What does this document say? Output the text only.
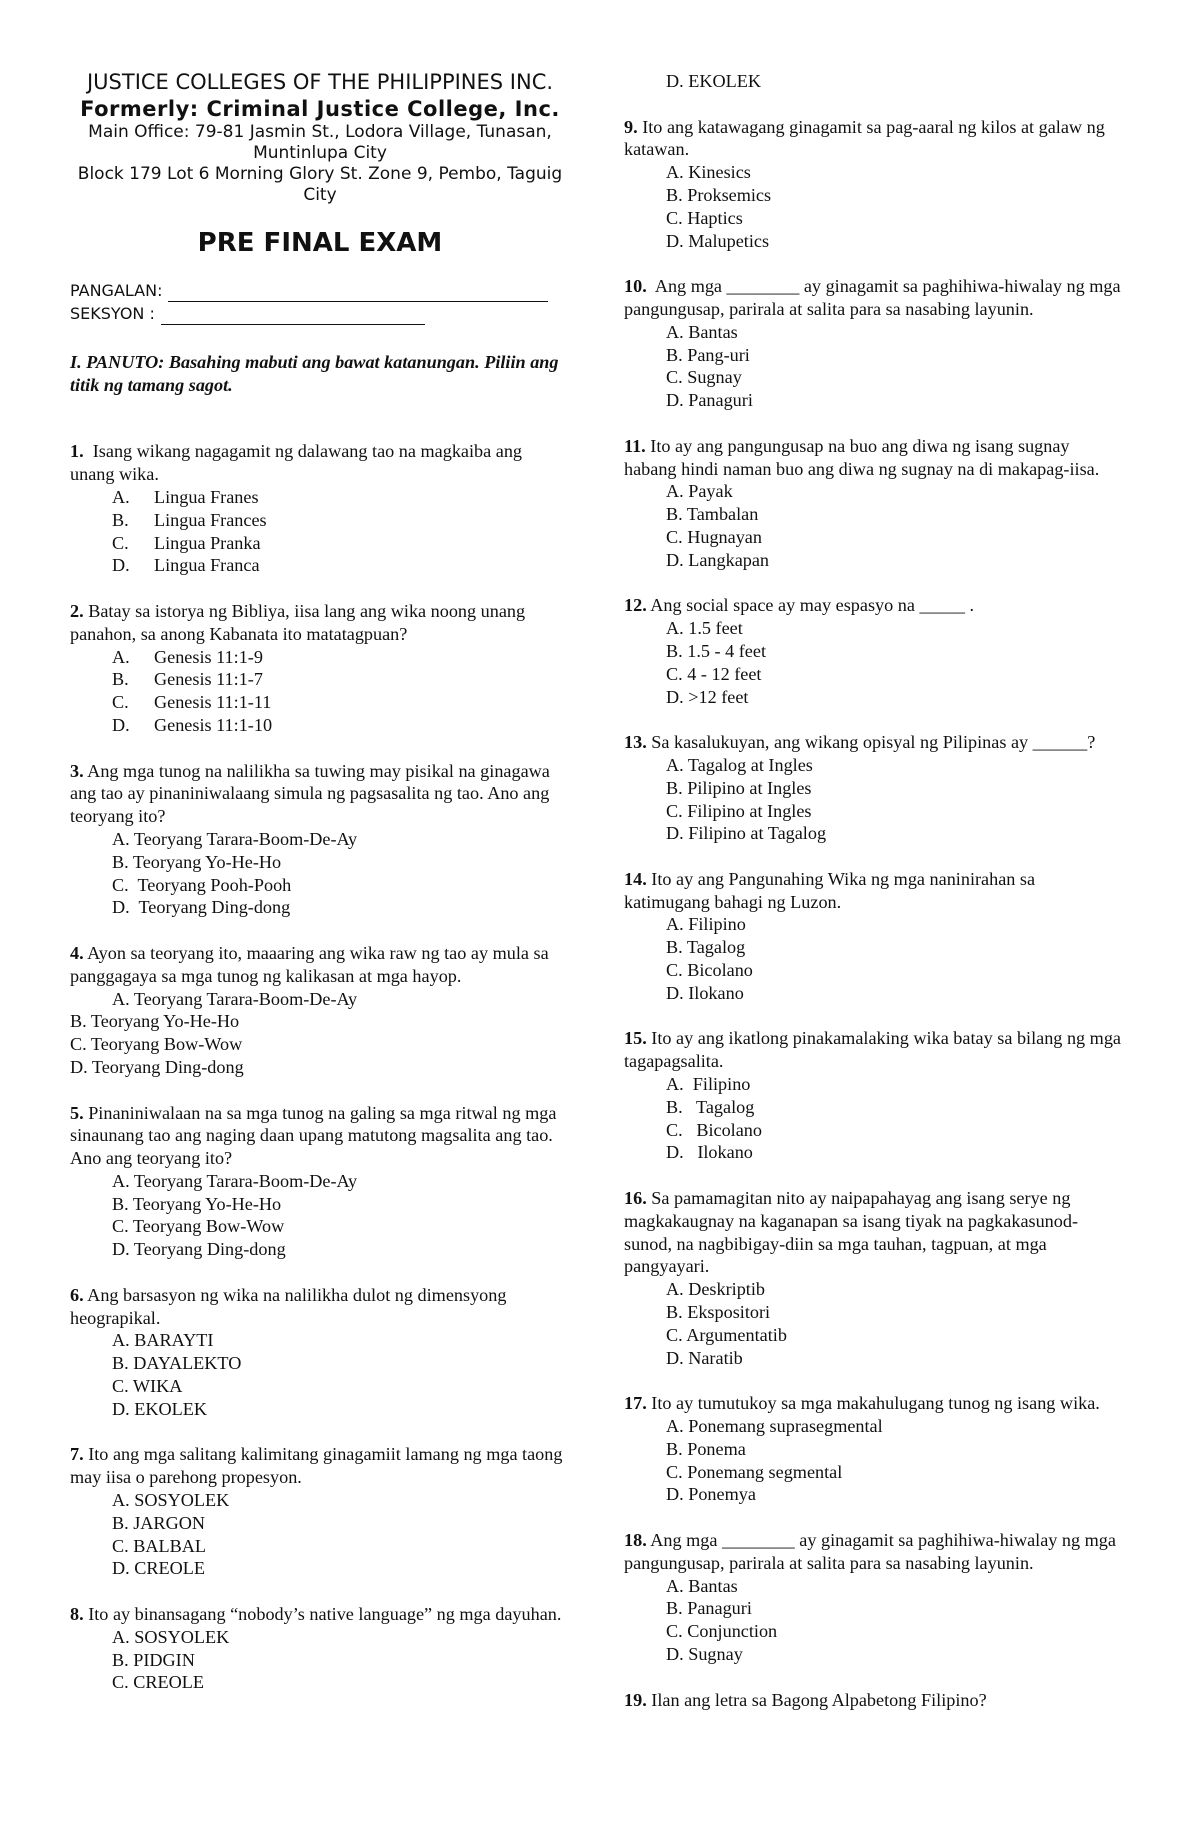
JUSTICE COLLEGES OF THE PHILIPPINES INC.
Formerly: Criminal Justice College, Inc.
Main Office: 79-81 Jasmin St., Lodora Village, Tunasan, Muntinlupa City
Block 179 Lot 6 Morning Glory St. Zone 9, Pembo, Taguig City
PRE FINAL EXAM
PANGALAN:
SEKSYON :
I. PANUTO: Basahing mabuti ang bawat katanungan. Piliin ang titik ng tamang sagot.
1.  Isang wikang nagagamit ng dalawang tao na magkaiba ang unang wika.
A. Lingua Franes
B. Lingua Frances
C. Lingua Pranka
D. Lingua Franca
2. Batay sa istorya ng Bibliya, iisa lang ang wika noong unang panahon, sa anong Kabanata ito matatagpuan?
A. Genesis 11:1-9
B. Genesis 11:1-7
C. Genesis 11:1-11
D. Genesis 11:1-10
3. Ang mga tunog na nalilikha sa tuwing may pisikal na ginagawa ang tao ay pinaniniwalaang simula ng pagsasalita ng tao. Ano ang teoryang ito?
A. Teoryang Tarara-Boom-De-Ay
B. Teoryang Yo-He-Ho
C.  Teoryang Pooh-Pooh
D.  Teoryang Ding-dong
4. Ayon sa teoryang ito, maaaring ang wika raw ng tao ay mula sa panggagaya sa mga tunog ng kalikasan at mga hayop.
A. Teoryang Tarara-Boom-De-Ay
B. Teoryang Yo-He-Ho
C. Teoryang Bow-Wow
D. Teoryang Ding-dong
5. Pinaniniwalaan na sa mga tunog na galing sa mga ritwal ng mga sinaunang tao ang naging daan upang matutong magsalita ang tao. Ano ang teoryang ito?
A. Teoryang Tarara-Boom-De-Ay
B. Teoryang Yo-He-Ho
C. Teoryang Bow-Wow
D. Teoryang Ding-dong
6. Ang barsasyon ng wika na nalilikha dulot ng dimensyong heograpikal.
A. BARAYTI
B. DAYALEKTO
C. WIKA
D. EKOLEK
7. Ito ang mga salitang kalimitang ginagamiit lamang ng mga taong may iisa o parehong propesyon.
A. SOSYOLEK
B. JARGON
C. BALBAL
D. CREOLE
8. Ito ay binansagang “nobody’s native language” ng mga dayuhan.
A. SOSYOLEK
B. PIDGIN
C. CREOLE
D. EKOLEK
9. Ito ang katawagang ginagamit sa pag-aaral ng kilos at galaw ng katawan.
A. Kinesics
B. Proksemics
C. Haptics
D. Malupetics
10.  Ang mga ________ ay ginagamit sa paghihiwa-hiwalay ng mga pangungusap, parirala at salita para sa nasabing layunin.
A. Bantas
B. Pang-uri
C. Sugnay
D. Panaguri
11. Ito ay ang pangungusap na buo ang diwa ng isang sugnay habang hindi naman buo ang diwa ng sugnay na di makapag-iisa.
A. Payak
B. Tambalan
C. Hugnayan
D. Langkapan
12. Ang social space ay may espasyo na _____ .
A. 1.5 feet
B. 1.5 - 4 feet
C. 4 - 12 feet
D. >12 feet
13. Sa kasalukuyan, ang wikang opisyal ng Pilipinas ay ______?
A. Tagalog at Ingles
B. Pilipino at Ingles
C. Filipino at Ingles
D. Filipino at Tagalog
14. Ito ay ang Pangunahing Wika ng mga naninirahan sa katimugang bahagi ng Luzon.
A. Filipino
B. Tagalog
C. Bicolano
D. Ilokano
15. Ito ay ang ikatlong pinakamalaking wika batay sa bilang ng mga tagapagsalita.
A.  Filipino
B.   Tagalog
C.   Bicolano
D.   Ilokano
16. Sa pamamagitan nito ay naipapahayag ang isang serye ng magkakaugnay na kaganapan sa isang tiyak na pagkakasunod-sunod, na nagbibigay-diin sa mga tauhan, tagpuan, at mga pangyayari.
A. Deskriptib
B. Ekspositori
C. Argumentatib
D. Naratib
17. Ito ay tumutukoy sa mga makahulugang tunog ng isang wika.
A. Ponemang suprasegmental
B. Ponema
C. Ponemang segmental
D. Ponemya
18. Ang mga ________ ay ginagamit sa paghihiwa-hiwalay ng mga pangungusap, parirala at salita para sa nasabing layunin.
A. Bantas
B. Panaguri
C. Conjunction
D. Sugnay
19. Ilan ang letra sa Bagong Alpabetong Filipino?
